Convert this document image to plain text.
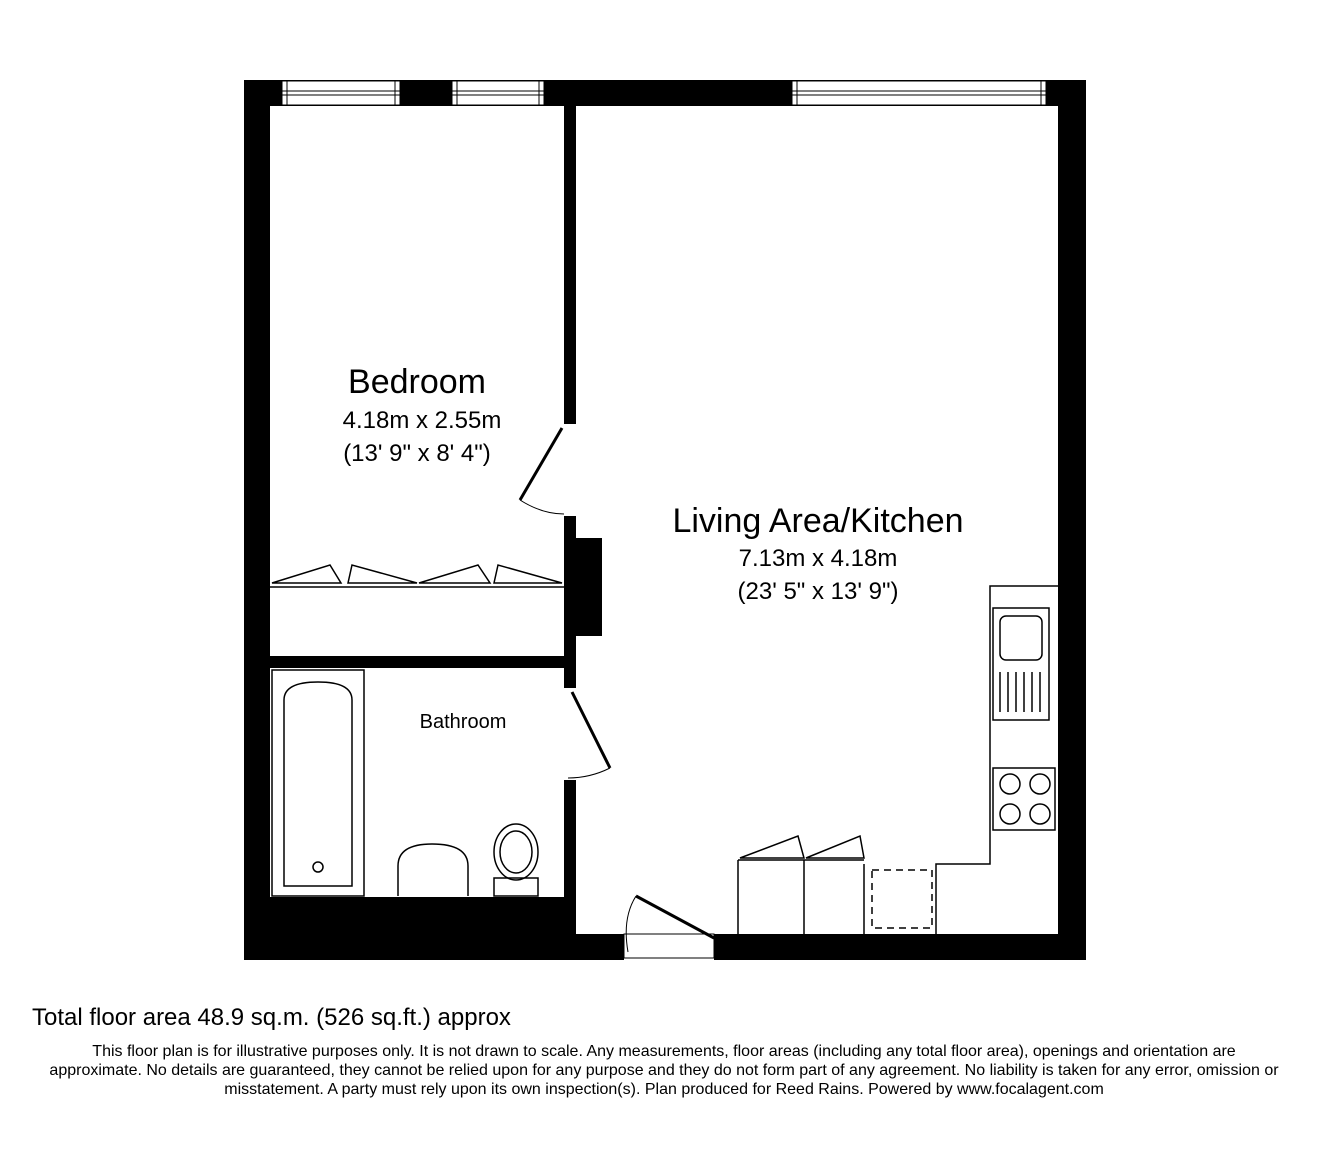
Bedroom
4.18m x 2.55m
(13' 9" x 8' 4")
Living Area/Kitchen
7.13m x 4.18m
(23' 5" x 13' 9")
Bathroom
Total floor area 48.9 sq.m. (526 sq.ft.) approx
This floor plan is for illustrative purposes only. It is not drawn to scale. Any measurements, floor areas (including any total floor area), openings and orientation are approximate. No details are guaranteed, they cannot be relied upon for any purpose and they do not form part of any agreement. No liability is taken for any error, omission or misstatement. A party must rely upon its own inspection(s). Plan produced for Reed Rains. Powered by www.focalagent.com
